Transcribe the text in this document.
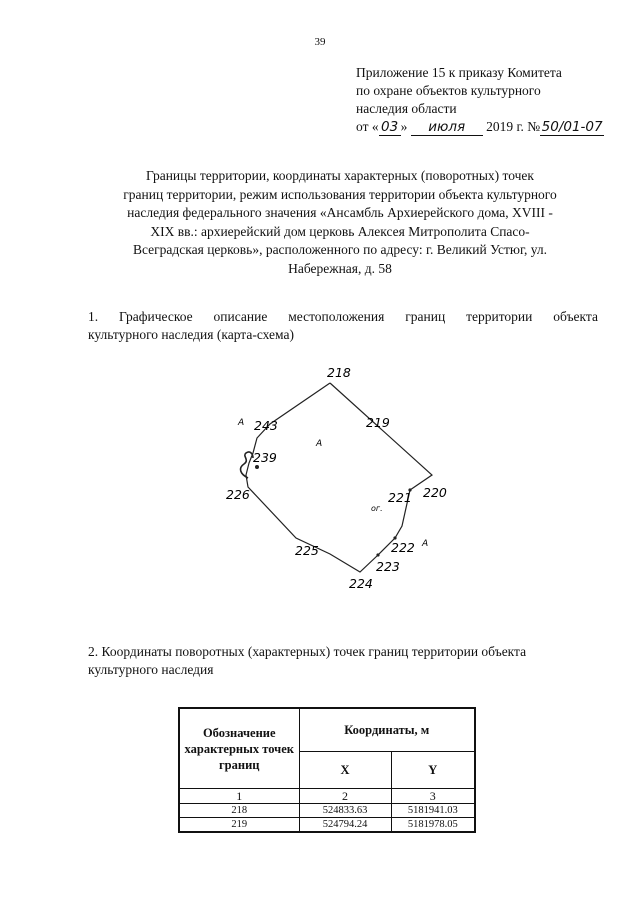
39
Приложение 15 к приказу Комитета
по охране объектов культурного
наследия области
от « 03 » июля 2019 г. № 50/01-07
Границы территории, координаты характерных (поворотных) точек
границ территории, режим использования территории объекта культурного
наследия федерального значения «Ансамбль Архиерейского дома, XVIII -
XIX вв.: архиерейский дом церковь Алексея Митрополита Спасо-
Всеградская церковь», расположенного по адресу: г. Великий Устюг, ул.
Набережная, д. 58
1. Графическое описание местоположения границ территории объекта
культурного наследия (карта-схема)
218
219
220
221
222
223
224
225
226
239
243
А
А
А
ог.
2. Координаты поворотных (характерных) точек границ территории объекта
культурного наследия
Обозначение характерных точек границ	Координаты, м	
	X	Y
1	2	3
218	524833.63	5181941.03
219	524794.24	5181978.05
